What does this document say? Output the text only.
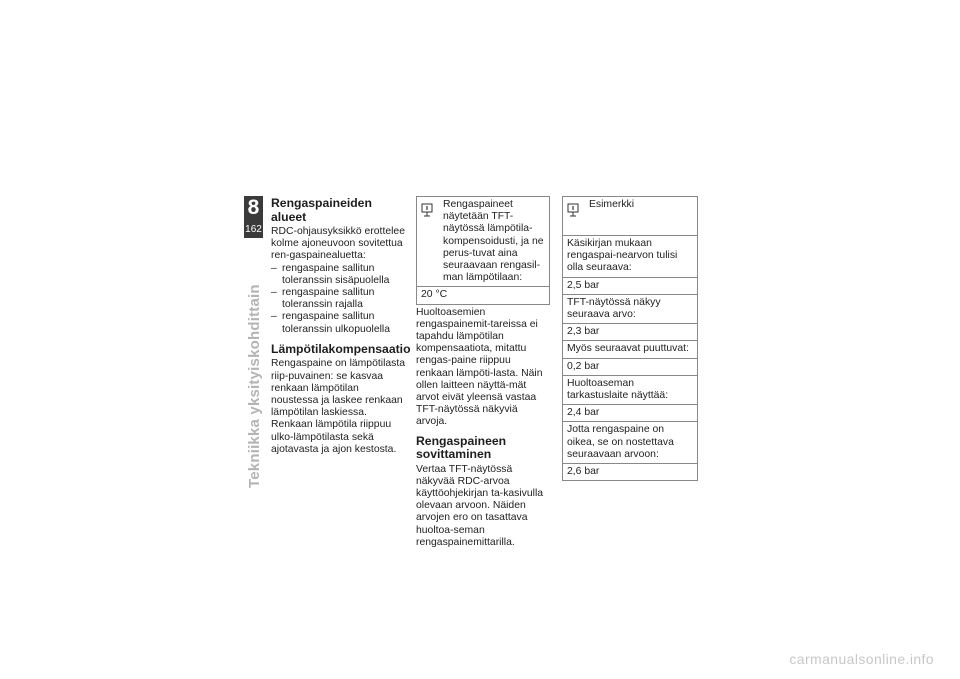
8
162
Tekniikka yksityiskohdittain
Rengaspaineiden alueet

RDC-ohjausyksikkö erottelee kolme ajoneuvoon sovitettua ren-gaspainealuetta:

– rengaspaine sallitun toleranssin sisäpuolella
– rengaspaine sallitun toleranssin rajalla
– rengaspaine sallitun toleranssin ulkopuolella
Lämpötilakompensaatio

Rengaspaine on lämpötilasta riip-puvainen: se kasvaa renkaan lämpötilan noustessa ja laskee renkaan lämpötilan laskiessa. Renkaan lämpötila riippuu ulko-lämpötilasta sekä ajotavasta ja ajon kestosta.

Rengaspaineet näytetään TFT-näytössä lämpötila-kompensoidusti, ja ne perus-tuvat aina seuraavaan rengasil-man lämpötilaan:
20 °C

Huoltoasemien rengaspainemit-tareissa ei tapahdu lämpötilan kompensaatiota, mitattu rengas-paine riippuu renkaan lämpöti-lasta. Näin ollen laitteen näyttä-mät arvot eivät yleensä vastaa TFT-näytössä näkyviä arvoja.

Rengaspaineen sovittaminen

Vertaa TFT-näytössä näkyvää RDC-arvoa käyttöohjekirjan ta-kasivulla olevaan arvoon. Näiden arvojen ero on tasattava huoltoa-seman rengaspainemittarilla.

Esimerkki
Käsikirjan mukaan rengaspai-nearvon tulisi olla seuraava:
2,5 bar
TFT-näytössä näkyy seuraava arvo:
2,3 bar
Myös seuraavat puuttuvat:
0,2 bar
Huoltoaseman tarkastuslaite näyttää:
2,4 bar
Jotta rengaspaine on oikea, se on nostettava seuraavaan arvoon:
2,6 bar
carmanualsonline.info
